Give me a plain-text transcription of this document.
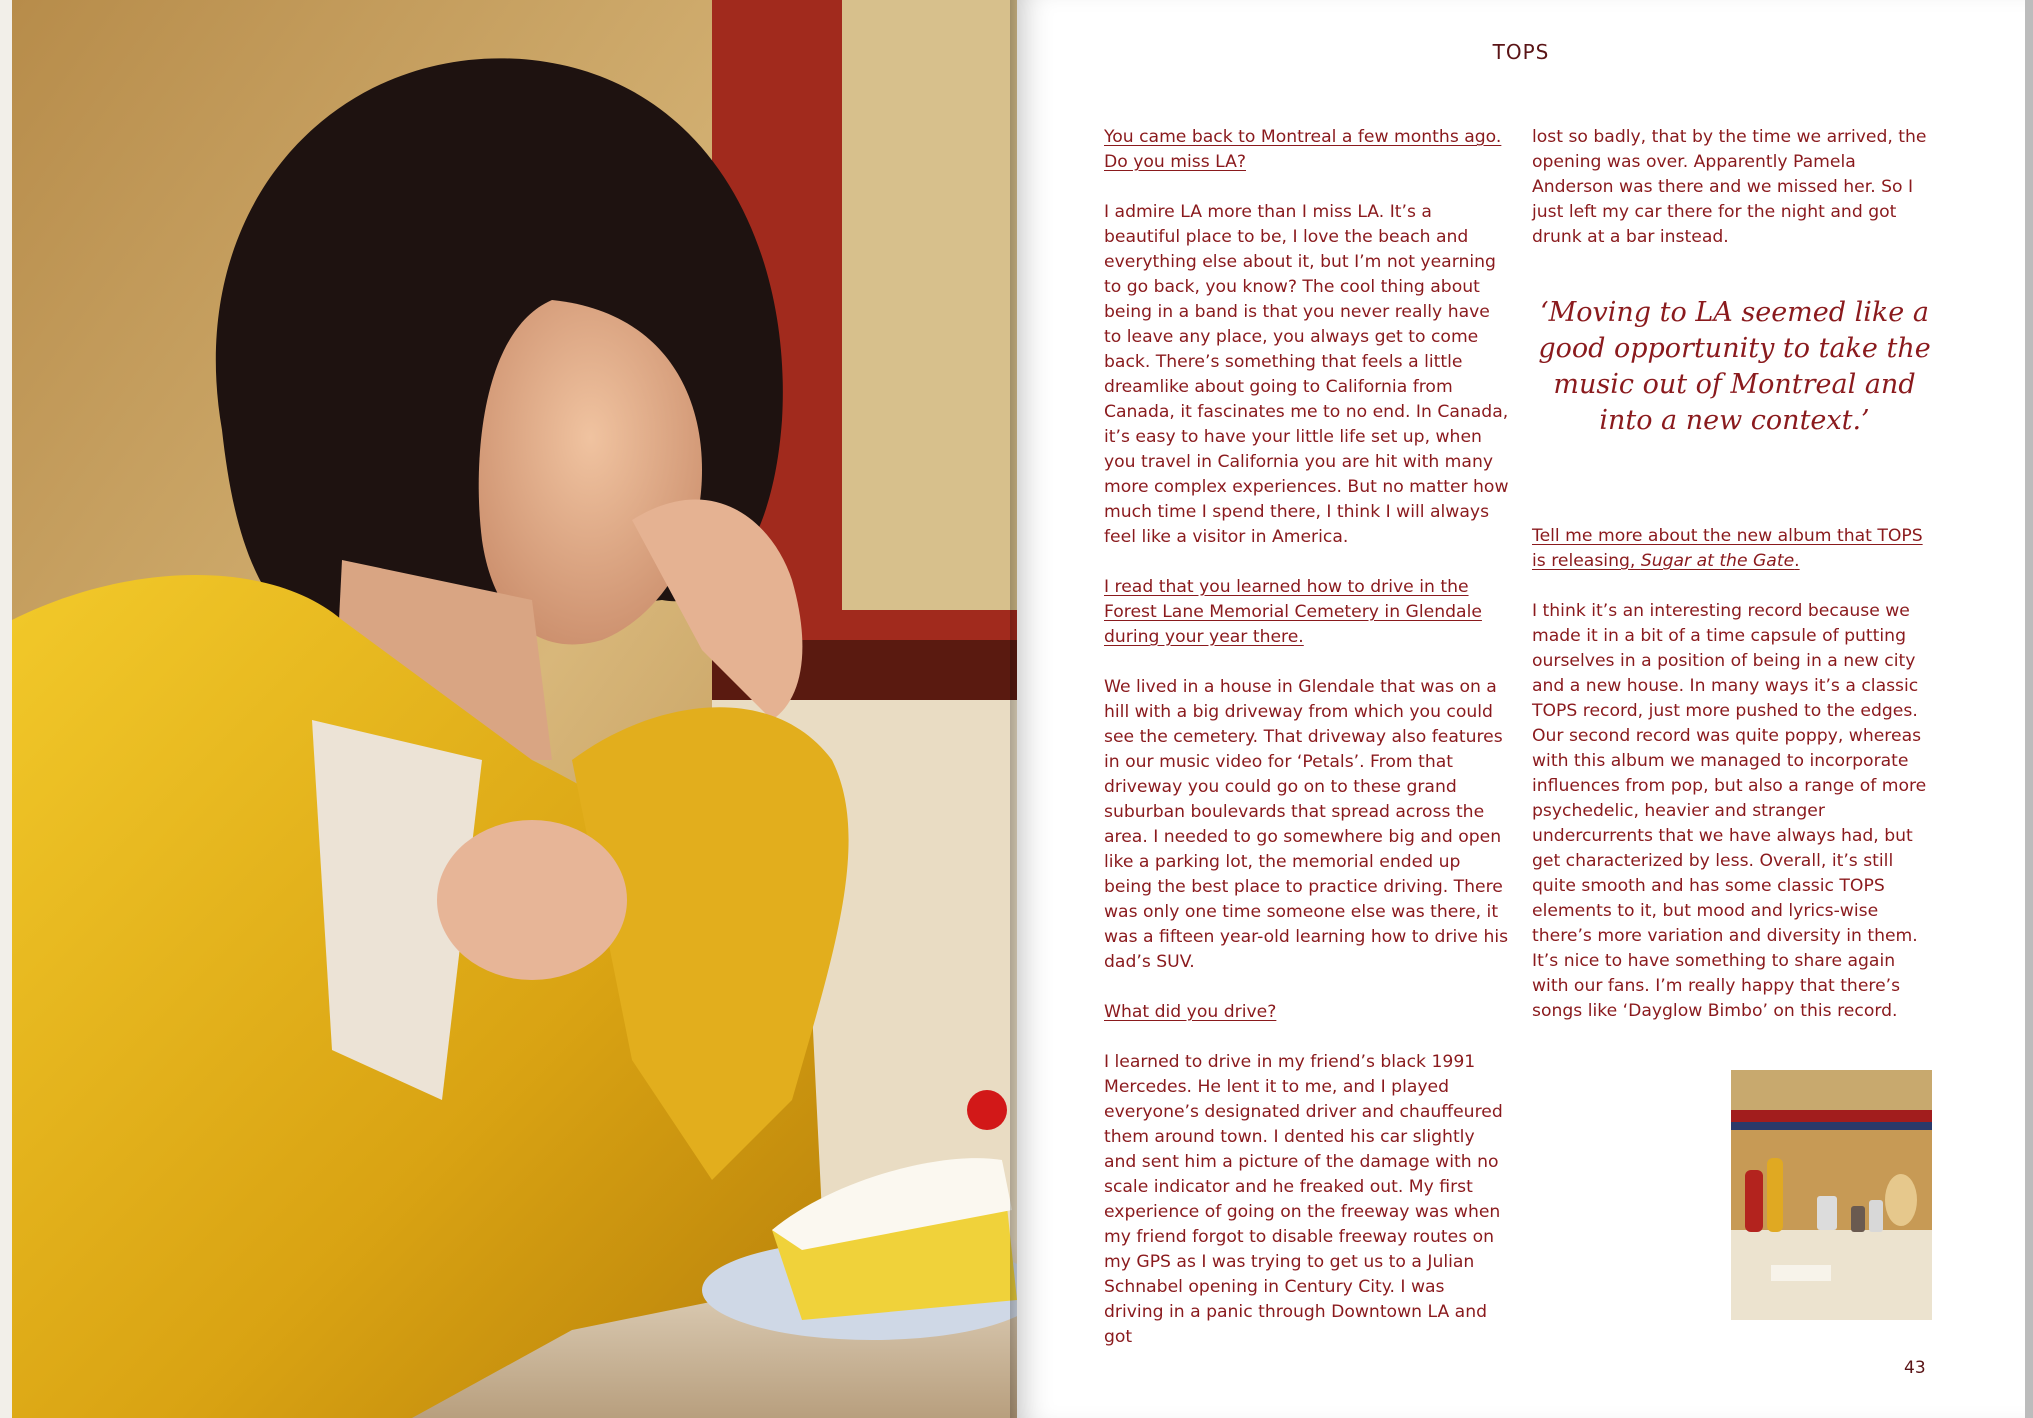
TOPS

You came back to Montreal a few months ago. Do you miss LA?

I admire LA more than I miss LA. It’s a beautiful place to be, I love the beach and everything else about it, but I’m not yearning to go back, you know? The cool thing about being in a band is that you never really have to leave any place, you always get to come back. There’s something that feels a little dreamlike about going to California from Canada, it fascinates me to no end. In Canada, it’s easy to have your little life set up, when you travel in California you are hit with many more complex experiences. But no matter how much time I spend there, I think I will always feel like a visitor in America.

I read that you learned how to drive in the Forest Lane Memorial Cemetery in Glendale during your year there.

We lived in a house in Glendale that was on a hill with a big driveway from which you could see the cemetery. That driveway also features in our music video for ‘Petals’. From that driveway you could go on to these grand suburban boulevards that spread across the area. I needed to go somewhere big and open like a parking lot, the memorial ended up being the best place to practice driving. There was only one time someone else was there, it was a fifteen year-old learning how to drive his dad’s SUV.

What did you drive?

I learned to drive in my friend’s black 1991 Mercedes. He lent it to me, and I played everyone’s designated driver and chauffeured them around town. I dented his car slightly and sent him a picture of the damage with no scale indicator and he freaked out. My first experience of going on the freeway was when my friend forgot to disable freeway routes on my GPS as I was trying to get us to a Julian Schnabel opening in Century City. I was driving in a panic through Downtown LA and got

lost so badly, that by the time we arrived, the opening was over. Apparently Pamela Anderson was there and we missed her. So I just left my car there for the night and got drunk at a bar instead.

‘Moving to LA seemed like a good opportunity to take the music out of Montreal and into a new context.’

Tell me more about the new album that TOPS is releasing, Sugar at the Gate.

I think it’s an interesting record because we made it in a bit of a time capsule of putting ourselves in a position of being in a new city and a new house. In many ways it’s a classic TOPS record, just more pushed to the edges. Our second record was quite poppy, whereas with this album we managed to incorporate influences from pop, but also a range of more psychedelic, heavier and stranger undercurrents that we have always had, but get characterized by less. Overall, it’s still quite smooth and has some classic TOPS elements to it, but mood and lyrics-wise there’s more variation and diversity in them. It’s nice to have something to share again with our fans. I’m really happy that there’s songs like ‘Dayglow Bimbo’ on this record.

43
